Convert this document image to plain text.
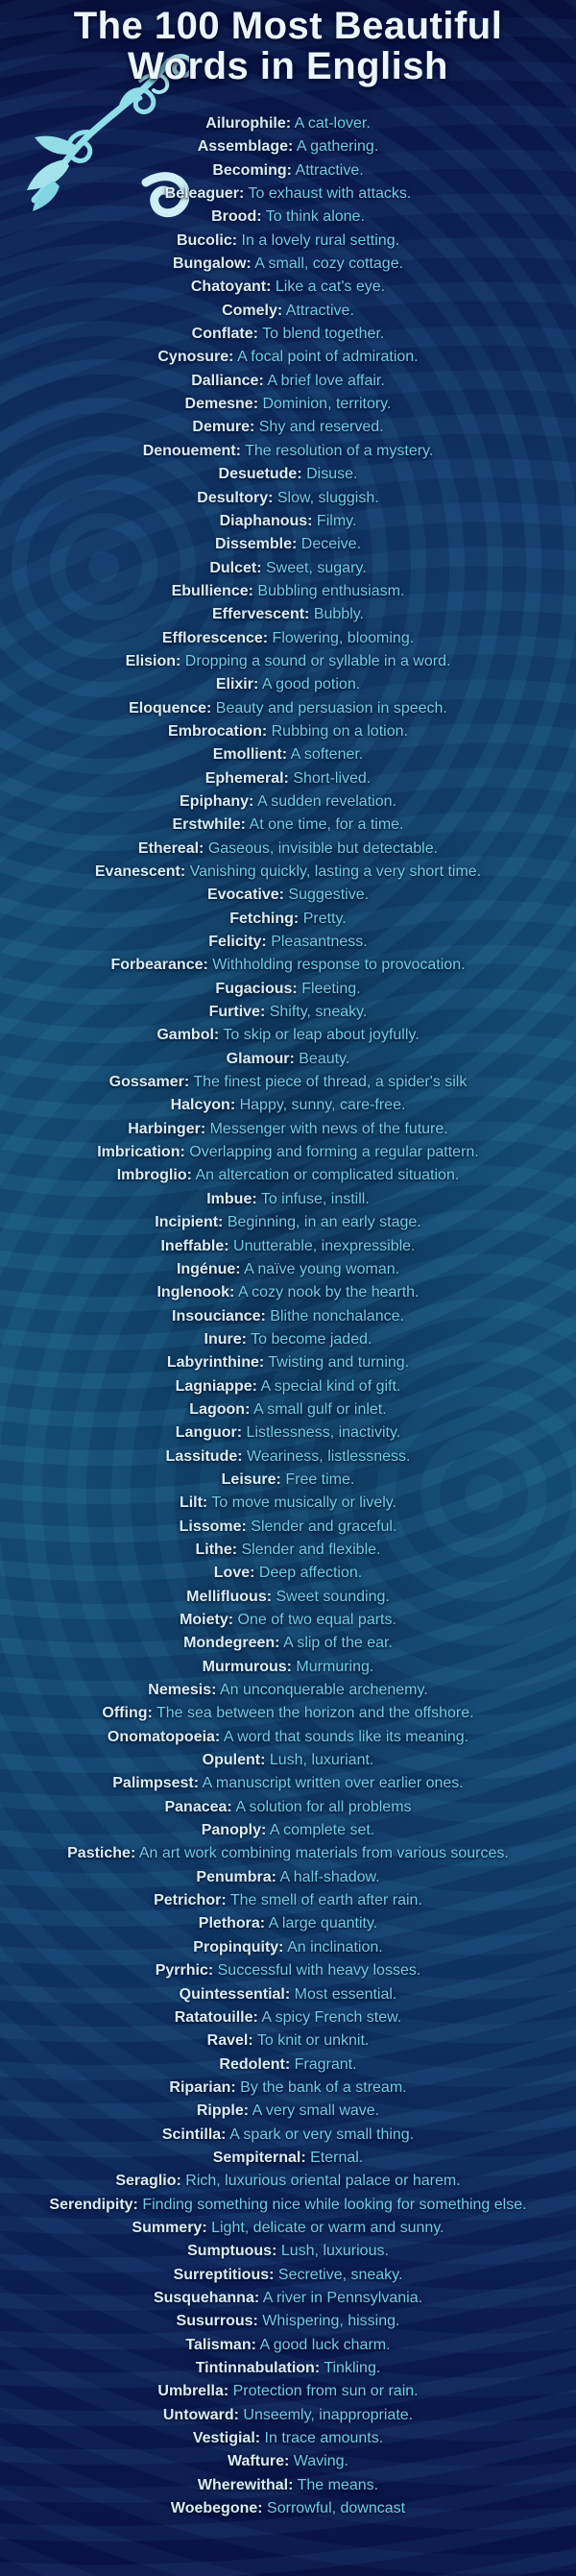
The 100 Most Beautiful
Words in English
Ailurophile: A cat-lover.
Assemblage: A gathering.
Becoming: Attractive.
Beleaguer: To exhaust with attacks.
Brood: To think alone.
Bucolic: In a lovely rural setting.
Bungalow: A small, cozy cottage.
Chatoyant: Like a cat's eye.
Comely: Attractive.
Conflate: To blend together.
Cynosure: A focal point of admiration.
Dalliance: A brief love affair.
Demesne: Dominion, territory.
Demure: Shy and reserved.
Denouement: The resolution of a mystery.
Desuetude: Disuse.
Desultory: Slow, sluggish.
Diaphanous: Filmy.
Dissemble: Deceive.
Dulcet: Sweet, sugary.
Ebullience: Bubbling enthusiasm.
Effervescent: Bubbly.
Efflorescence: Flowering, blooming.
Elision: Dropping a sound or syllable in a word.
Elixir: A good potion.
Eloquence: Beauty and persuasion in speech.
Embrocation: Rubbing on a lotion.
Emollient: A softener.
Ephemeral: Short-lived.
Epiphany: A sudden revelation.
Erstwhile: At one time, for a time.
Ethereal: Gaseous, invisible but detectable.
Evanescent: Vanishing quickly, lasting a very short time.
Evocative: Suggestive.
Fetching: Pretty.
Felicity: Pleasantness.
Forbearance: Withholding response to provocation.
Fugacious: Fleeting.
Furtive: Shifty, sneaky.
Gambol: To skip or leap about joyfully.
Glamour: Beauty.
Gossamer: The finest piece of thread, a spider's silk
Halcyon: Happy, sunny, care-free.
Harbinger: Messenger with news of the future.
Imbrication: Overlapping and forming a regular pattern.
Imbroglio: An altercation or complicated situation.
Imbue: To infuse, instill.
Incipient: Beginning, in an early stage.
Ineffable: Unutterable, inexpressible.
Ingénue: A naïve young woman.
Inglenook: A cozy nook by the hearth.
Insouciance: Blithe nonchalance.
Inure: To become jaded.
Labyrinthine: Twisting and turning.
Lagniappe: A special kind of gift.
Lagoon: A small gulf or inlet.
Languor: Listlessness, inactivity.
Lassitude: Weariness, listlessness.
Leisure: Free time.
Lilt: To move musically or lively.
Lissome: Slender and graceful.
Lithe: Slender and flexible.
Love: Deep affection.
Mellifluous: Sweet sounding.
Moiety: One of two equal parts.
Mondegreen: A slip of the ear.
Murmurous: Murmuring.
Nemesis: An unconquerable archenemy.
Offing: The sea between the horizon and the offshore.
Onomatopoeia: A word that sounds like its meaning.
Opulent: Lush, luxuriant.
Palimpsest: A manuscript written over earlier ones.
Panacea: A solution for all problems
Panoply: A complete set.
Pastiche: An art work combining materials from various sources.
Penumbra: A half-shadow.
Petrichor: The smell of earth after rain.
Plethora: A large quantity.
Propinquity: An inclination.
Pyrrhic: Successful with heavy losses.
Quintessential: Most essential.
Ratatouille: A spicy French stew.
Ravel: To knit or unknit.
Redolent: Fragrant.
Riparian: By the bank of a stream.
Ripple: A very small wave.
Scintilla: A spark or very small thing.
Sempiternal: Eternal.
Seraglio: Rich, luxurious oriental palace or harem.
Serendipity: Finding something nice while looking for something else.
Summery: Light, delicate or warm and sunny.
Sumptuous: Lush, luxurious.
Surreptitious: Secretive, sneaky.
Susquehanna: A river in Pennsylvania.
Susurrous: Whispering, hissing.
Talisman: A good luck charm.
Tintinnabulation: Tinkling.
Umbrella: Protection from sun or rain.
Untoward: Unseemly, inappropriate.
Vestigial: In trace amounts.
Wafture: Waving.
Wherewithal: The means.
Woebegone: Sorrowful, downcast
